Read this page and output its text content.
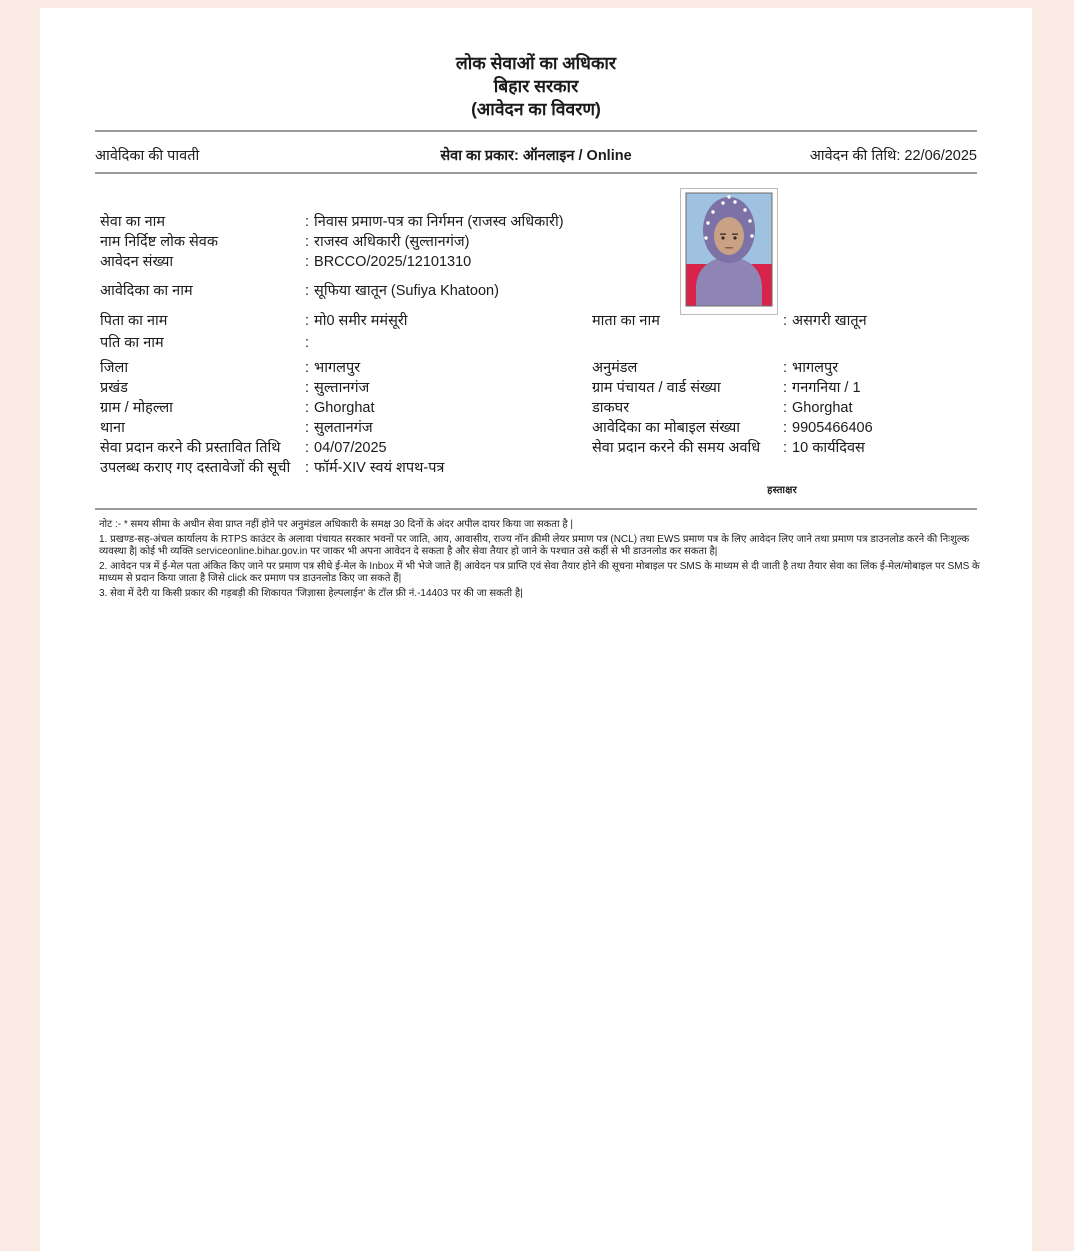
लोक सेवाओं का अधिकार
बिहार सरकार
(आवेदन का विवरण)
आवेदिका की पावती	सेवा का प्रकार: ऑनलाइन / Online	आवेदन की तिथि: 22/06/2025
सेवा का नाम	: निवास प्रमाण-पत्र का निर्गमन (राजस्व अधिकारी)
नाम निर्दिष्ट लोक सेवक	: राजस्व अधिकारी (सुल्तानगंज)
आवेदन संख्या	: BRCCO/2025/12101310
आवेदिका का नाम	: सूफिया खातून (Sufiya Khatoon)
पिता का नाम	: मो0 समीर ममंसूरी	माता का नाम	: असगरी खातून
पति का नाम	:
जिला	: भागलपुर	अनुमंडल	: भागलपुर
प्रखंड	: सुल्तानगंज	ग्राम पंचायत / वार्ड संख्या	: गनगनिया / 1
ग्राम / मोहल्ला	: Ghorghat	डाकघर	: Ghorghat
थाना	: सुलतानगंज	आवेदिका का मोबाइल संख्या	: 9905466406
सेवा प्रदान करने की प्रस्तावित तिथि	: 04/07/2025	सेवा प्रदान करने की समय अवधि	: 10 कार्यदिवस
उपलब्ध कराए गए दस्तावेजों की सूची	: फॉर्म-XIV स्वयं शपथ-पत्र
हस्ताक्षर

नोट :- * समय सीमा के अधीन सेवा प्राप्त नहीं होने पर अनुमंडल अधिकारी के समक्ष 30 दिनों के अंदर अपील दायर किया जा सकता है |

1. प्रखण्ड-सह-अंचल कार्यालय के RTPS काउंटर के अलावा पंचायत सरकार भवनों पर जाति, आय, आवासीय, राज्य नॉन क्रीमी लेयर प्रमाण पत्र (NCL) तथा EWS प्रमाण पत्र के लिए आवेदन लिए जाने तथा प्रमाण पत्र डाउनलोड करने की निःशुल्क व्यवस्था है| कोई भी व्यक्ति serviceonline.bihar.gov.in पर जाकर भी अपना आवेदन दे सकता है और सेवा तैयार हो जाने के पश्चात उसे कहीं से भी डाउनलोड कर सकता है|

2. आवेदन पत्र में ई-मेल पता अंकित किए जाने पर प्रमाण पत्र सीधे ई-मेल के Inbox में भी भेजे जाते हैं| आवेदन पत्र प्राप्ति एवं सेवा तैयार होने की सूचना मोबाइल पर SMS के माध्यम से दी जाती है तथा तैयार सेवा का लिंक ई-मेल/मोबाइल पर SMS के माध्यम से प्रदान किया जाता है जिसे click कर प्रमाण पत्र डाउनलोड किए जा सकते हैं|

3. सेवा में देरी या किसी प्रकार की गड़बड़ी की शिकायत 'जिज्ञासा हेल्पलाईन' के टॉल फ्री नं.-14403 पर की जा सकती है|
